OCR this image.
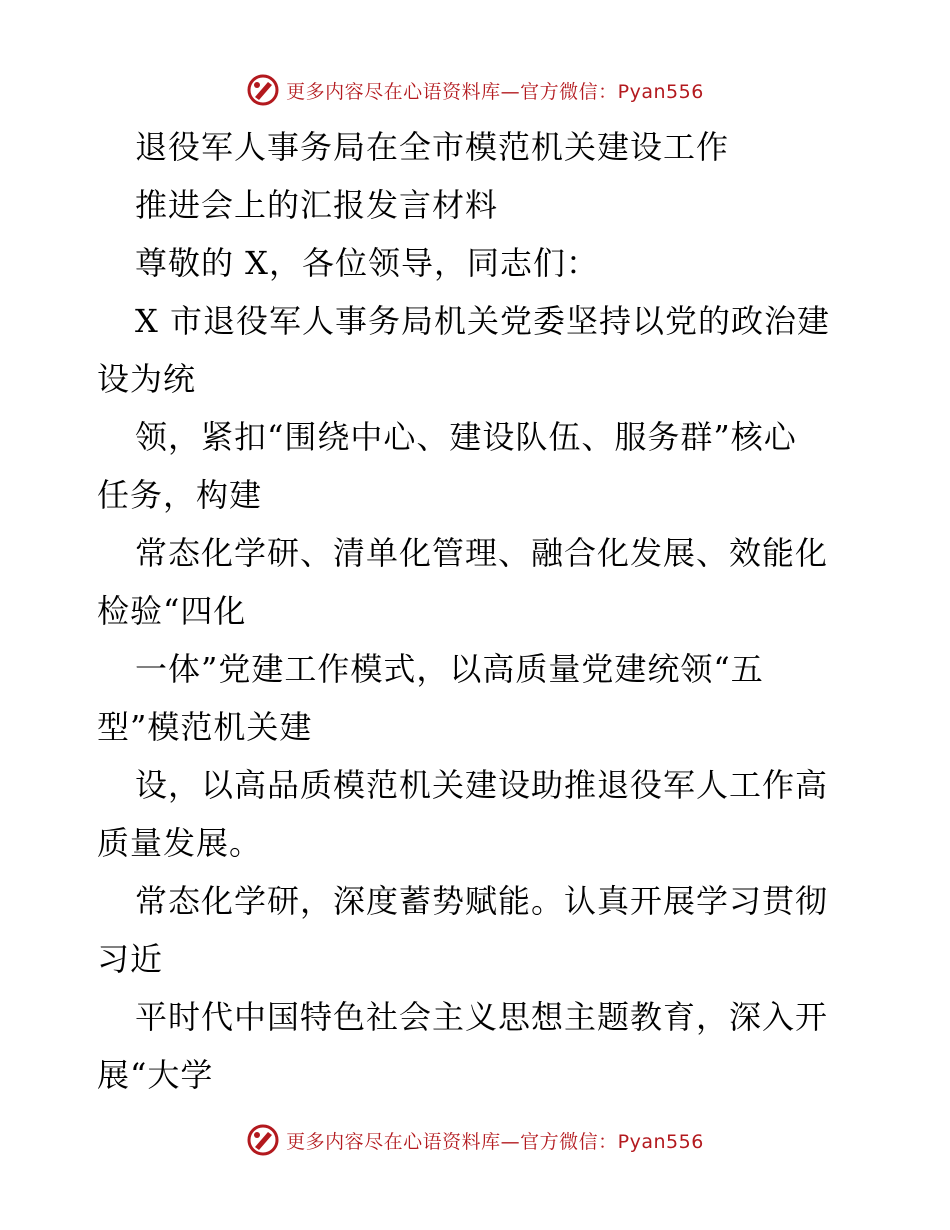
更多内容尽在心语资料库—官方微信：Pyan556
退役军人事务局在全市模范机关建设工作
推进会上的汇报发言材料
尊敬的 X，各位领导，同志们：
X 市退役军人事务局机关党委坚持以党的政治建
设为统
领，紧扣“围绕中心、建设队伍、服务群”核心
任务，构建
常态化学研、清单化管理、融合化发展、效能化
检验“四化
一体”党建工作模式，以高质量党建统领“五
型”模范机关建
设，以高品质模范机关建设助推退役军人工作高
质量发展。
常态化学研，深度蓄势赋能。认真开展学习贯彻
习近
平时代中国特色社会主义思想主题教育，深入开
展“大学
更多内容尽在心语资料库—官方微信：Pyan556
